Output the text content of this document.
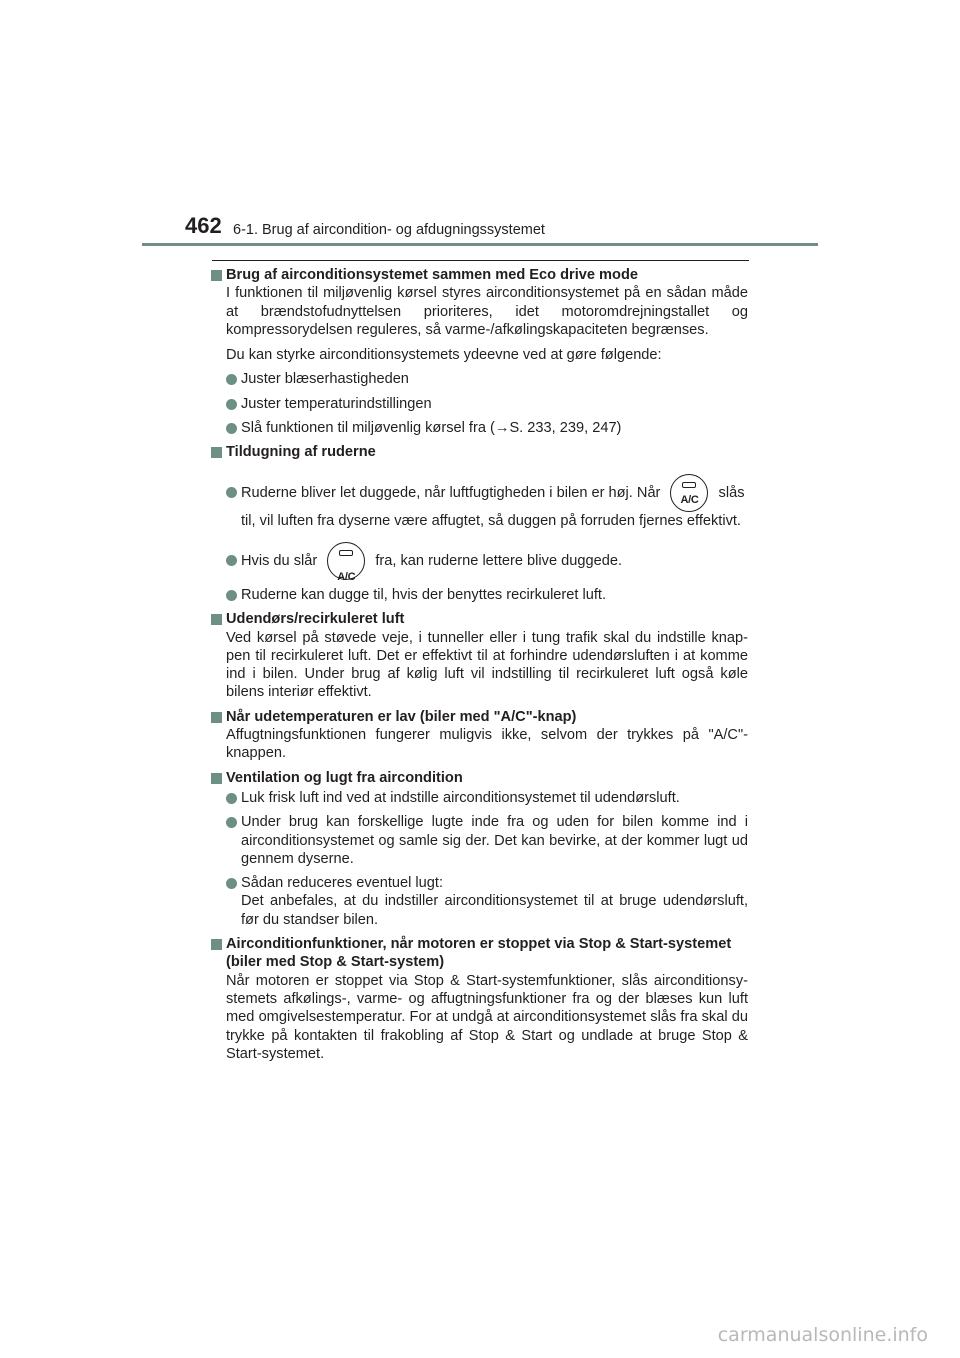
462 6-1. Brug af aircondition- og afdugningssystemet
Brug af airconditionsystemet sammen med Eco drive mode
I funktionen til miljøvenlig kørsel styres airconditionsystemet på en sådan måde at brændstofudnyttelsen prioriteres, idet motoromdrejningstallet og kompressorydelsen reguleres, så varme-/afkølingskapaciteten begrænses.
Du kan styrke airconditionsystemets ydeevne ved at gøre følgende:
Juster blæserhastigheden
Juster temperaturindstillingen
Slå funktionen til miljøvenlig kørsel fra (→S. 233, 239, 247)
Tildugning af ruderne
Ruderne bliver let duggede, når luftfugtigheden i bilen er høj. Når	A/C	slås
til, vil luften fra dyserne være affugtet, så duggen på forruden fjernes effektivt.
Hvis du slår
A/C
fra, kan ruderne lettere blive duggede.
Ruderne kan dugge til, hvis der benyttes recirkuleret luft.
Udendørs/recirkuleret luft
Ved kørsel på støvede veje, i tunneller eller i tung trafik skal du indstille knap-pen til recirkuleret luft. Det er effektivt til at forhindre udendørsluften i at komme ind i bilen. Under brug af kølig luft vil indstilling til recirkuleret luft også køle bilens interiør effektivt.
Når udetemperaturen er lav (biler med "A/C"-knap)
Affugtningsfunktionen fungerer muligvis ikke, selvom der trykkes på "A/C"-knappen.
Ventilation og lugt fra aircondition
Luk frisk luft ind ved at indstille airconditionsystemet til udendørsluft.
Under brug kan forskellige lugte inde fra og uden for bilen komme ind i airconditionsystemet og samle sig der. Det kan bevirke, at der kommer lugt ud gennem dyserne.
Sådan reduceres eventuel lugt:
Det anbefales, at du indstiller airconditionsystemet til at bruge udendørsluft, før du standser bilen.
Airconditionfunktioner, når motoren er stoppet via Stop & Start-systemet (biler med Stop & Start-system)
Når motoren er stoppet via Stop & Start-systemfunktioner, slås airconditionsy-stemets afkølings-, varme- og affugtningsfunktioner fra og der blæses kun luft med omgivelsestemperatur. For at undgå at airconditionsystemet slås fra skal du trykke på kontakten til frakobling af Stop & Start og undlade at bruge Stop & Start-systemet.
carmanualsonline.info
